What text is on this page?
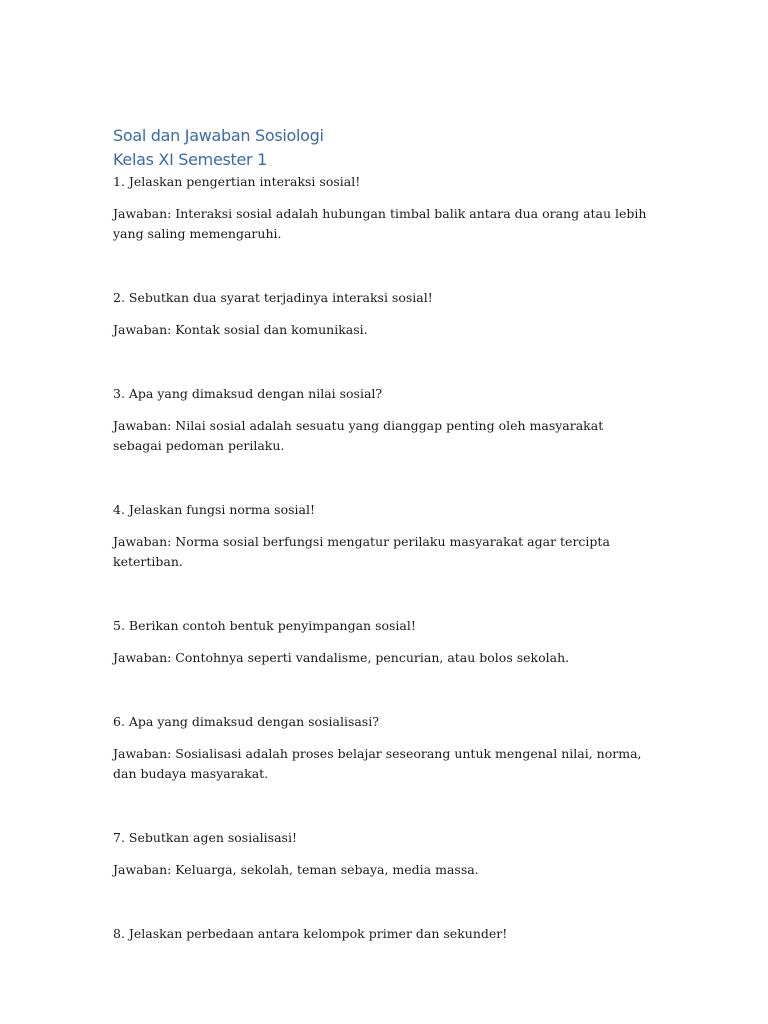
Soal dan Jawaban Sosiologi
Kelas XI Semester 1

1. Jelaskan pengertian interaksi sosial!

Jawaban: Interaksi sosial adalah hubungan timbal balik antara dua orang atau lebih yang saling memengaruhi.

2. Sebutkan dua syarat terjadinya interaksi sosial!

Jawaban: Kontak sosial dan komunikasi.

3. Apa yang dimaksud dengan nilai sosial?

Jawaban: Nilai sosial adalah sesuatu yang dianggap penting oleh masyarakat sebagai pedoman perilaku.

4. Jelaskan fungsi norma sosial!

Jawaban: Norma sosial berfungsi mengatur perilaku masyarakat agar tercipta ketertiban.

5. Berikan contoh bentuk penyimpangan sosial!

Jawaban: Contohnya seperti vandalisme, pencurian, atau bolos sekolah.

6. Apa yang dimaksud dengan sosialisasi?

Jawaban: Sosialisasi adalah proses belajar seseorang untuk mengenal nilai, norma, dan budaya masyarakat.

7. Sebutkan agen sosialisasi!

Jawaban: Keluarga, sekolah, teman sebaya, media massa.

8. Jelaskan perbedaan antara kelompok primer dan sekunder!
